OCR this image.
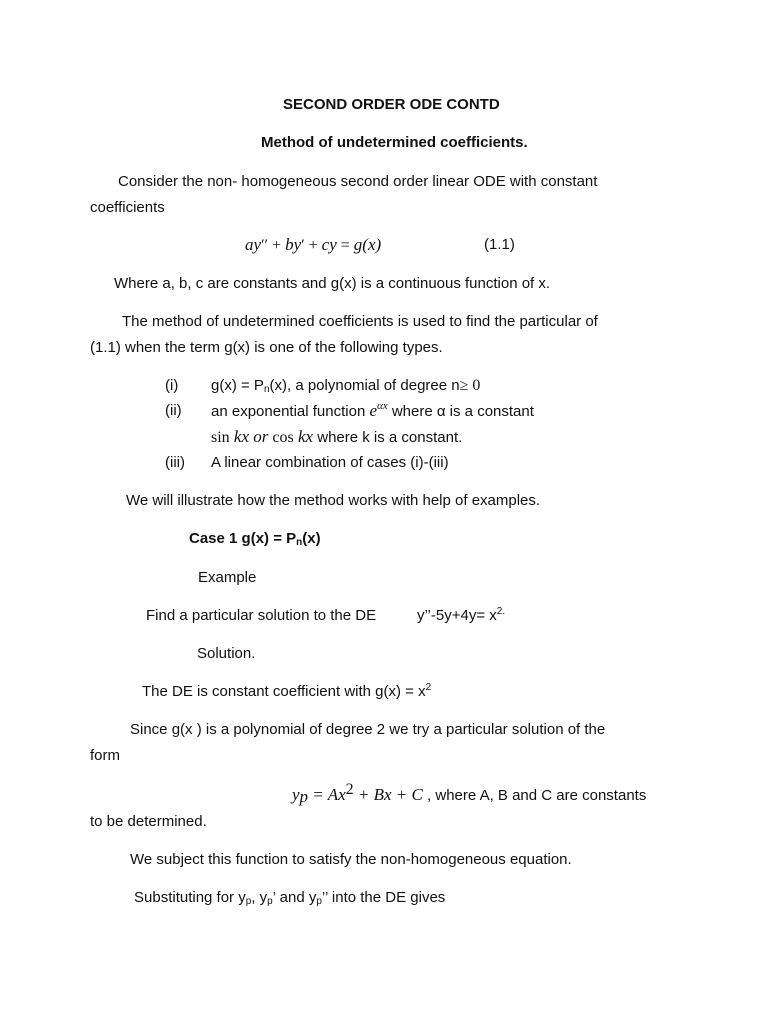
SECOND ORDER ODE CONTD
Method of undetermined coefficients.
Consider the non- homogeneous second order linear ODE with constant
coefficients
ay′′ + by′ + cy = g(x)	(1.1)
Where a, b, c are constants and g(x) is a continuous function of x.
The method of undetermined coefficients is used to find the particular of
(1.1) when the term g(x) is one of the following types.
(i) $g(x) = P_n(x)$, a polynomial of degree n≥ 0
(ii) an exponential function $e^{\alpha x}$ where α is a constant
sin kx or cos kx where k is a constant.
(iii) A linear combination of cases (i)-(iii)
We will illustrate how the method works with help of examples.
Case 1 $g(x) = P_n(x)$
Example
Find a particular solution to the DE	y’’-5y+4y= $x^{2.}$
Solution.
The DE is constant coefficient with $g(x) = x^2$
Since g(x ) is a polynomial of degree 2 we try a particular solution of the
form
$y_p = Ax^2 + Bx + C$ , where A, B and C are constants
to be determined.
We subject this function to satisfy the non-homogeneous equation.
Substituting for $y_p$, $y_p$’ and $y_p$’’ into the DE gives
